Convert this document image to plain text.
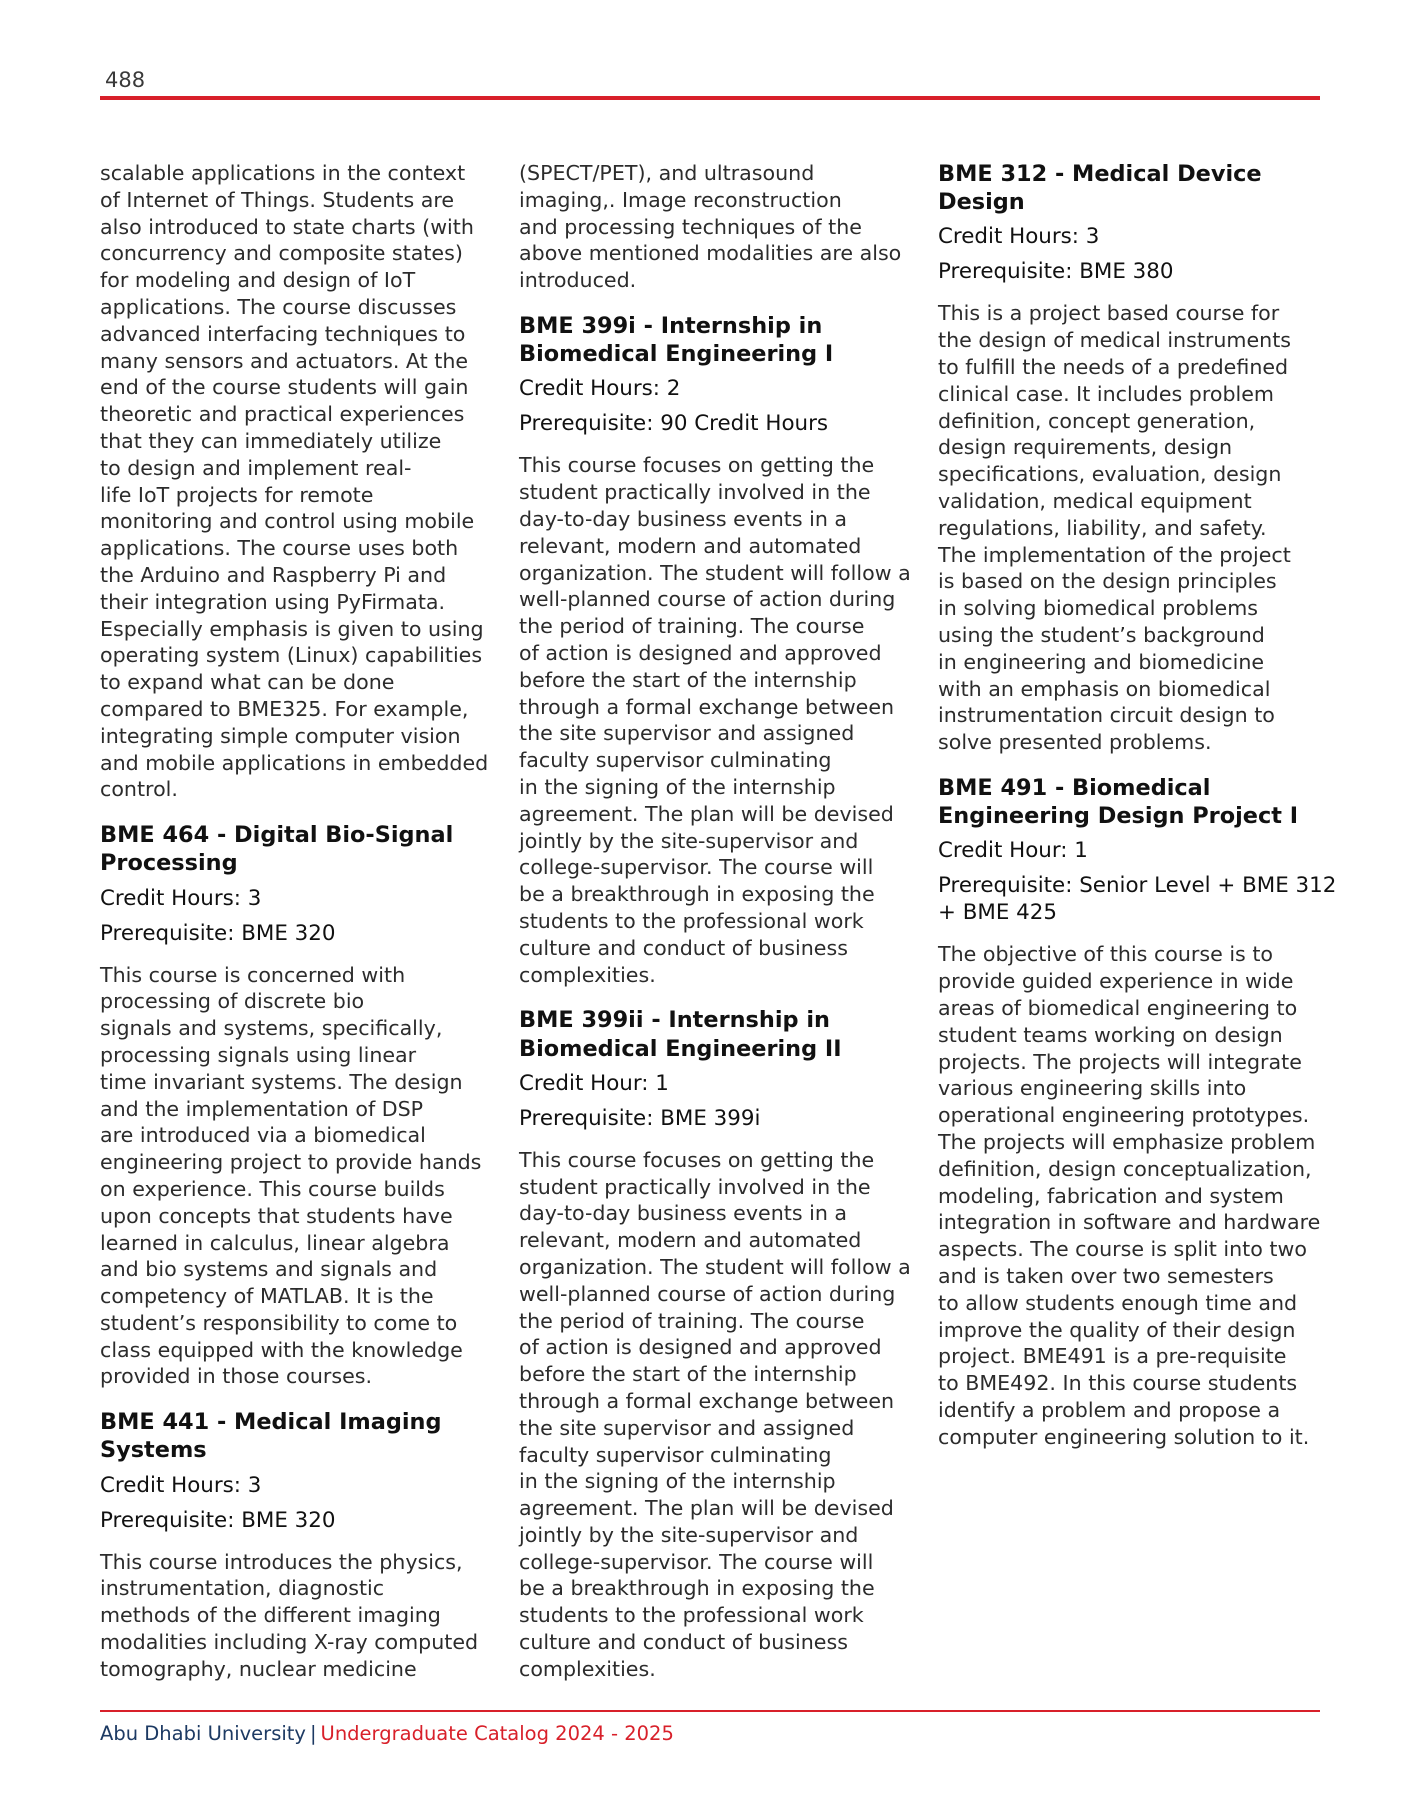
488

scalable applications in the context
of Internet of Things. Students are
also introduced to state charts (with
concurrency and composite states)
for modeling and design of IoT
applications. The course discusses
advanced interfacing techniques to
many sensors and actuators. At the
end of the course students will gain
theoretic and practical experiences
that they can immediately utilize
to design and implement real-
life IoT projects for remote
monitoring and control using mobile
applications. The course uses both
the Arduino and Raspberry Pi and
their integration using PyFirmata.
Especially emphasis is given to using
operating system (Linux) capabilities
to expand what can be done
compared to BME325. For example,
integrating simple computer vision
and mobile applications in embedded
control.

BME 464 - Digital Bio-Signal
Processing
Credit Hours: 3
Prerequisite: BME 320

This course is concerned with
processing of discrete bio
signals and systems, specifically,
processing signals using linear
time invariant systems. The design
and the implementation of DSP
are introduced via a biomedical
engineering project to provide hands
on experience. This course builds
upon concepts that students have
learned in calculus, linear algebra
and bio systems and signals and
competency of MATLAB. It is the
student’s responsibility to come to
class equipped with the knowledge
provided in those courses.

BME 441 - Medical Imaging
Systems
Credit Hours: 3
Prerequisite: BME 320

This course introduces the physics,
instrumentation, diagnostic
methods of the different imaging
modalities including X-ray computed
tomography, nuclear medicine

(SPECT/PET), and ultrasound
imaging,. Image reconstruction
and processing techniques of the
above mentioned modalities are also
introduced.

BME 399i - Internship in
Biomedical Engineering I
Credit Hours: 2
Prerequisite: 90 Credit Hours

This course focuses on getting the
student practically involved in the
day-to-day business events in a
relevant, modern and automated
organization. The student will follow a
well-planned course of action during
the period of training. The course
of action is designed and approved
before the start of the internship
through a formal exchange between
the site supervisor and assigned
faculty supervisor culminating
in the signing of the internship
agreement. The plan will be devised
jointly by the site-supervisor and
college-supervisor. The course will
be a breakthrough in exposing the
students to the professional work
culture and conduct of business
complexities.

BME 399ii - Internship in
Biomedical Engineering II
Credit Hour: 1
Prerequisite: BME 399i

This course focuses on getting the
student practically involved in the
day-to-day business events in a
relevant, modern and automated
organization. The student will follow a
well-planned course of action during
the period of training. The course
of action is designed and approved
before the start of the internship
through a formal exchange between
the site supervisor and assigned
faculty supervisor culminating
in the signing of the internship
agreement. The plan will be devised
jointly by the site-supervisor and
college-supervisor. The course will
be a breakthrough in exposing the
students to the professional work
culture and conduct of business
complexities.

BME 312 - Medical Device
Design
Credit Hours: 3
Prerequisite: BME 380

This is a project based course for
the design of medical instruments
to fulfill the needs of a predefined
clinical case. It includes problem
definition, concept generation,
design requirements, design
specifications, evaluation, design
validation, medical equipment
regulations, liability, and safety.
The implementation of the project
is based on the design principles
in solving biomedical problems
using the student’s background
in engineering and biomedicine
with an emphasis on biomedical
instrumentation circuit design to
solve presented problems.

BME 491 - Biomedical
Engineering Design Project I
Credit Hour: 1
Prerequisite: Senior Level + BME 312
+ BME 425

The objective of this course is to
provide guided experience in wide
areas of biomedical engineering to
student teams working on design
projects. The projects will integrate
various engineering skills into
operational engineering prototypes.
The projects will emphasize problem
definition, design conceptualization,
modeling, fabrication and system
integration in software and hardware
aspects. The course is split into two
and is taken over two semesters
to allow students enough time and
improve the quality of their design
project. BME491 is a pre-requisite
to BME492. In this course students
identify a problem and propose a
computer engineering solution to it.

Abu Dhabi University | Undergraduate Catalog 2024 - 2025
